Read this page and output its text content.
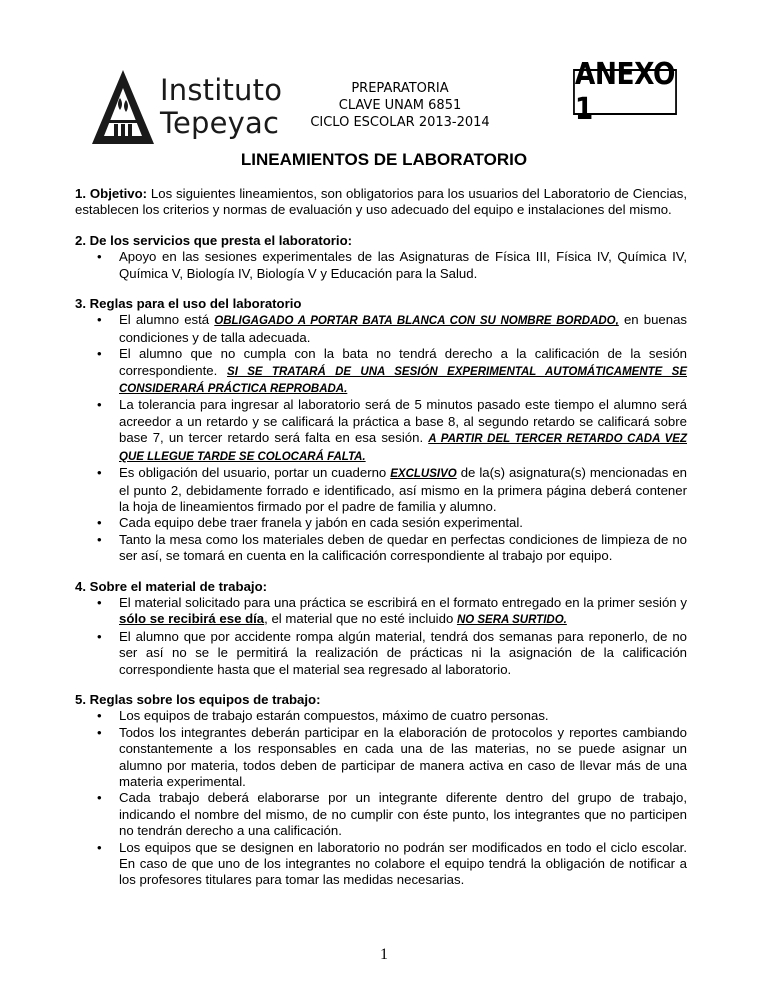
Instituto
Tepeyac
PREPARATORIA
CLAVE UNAM 6851
CICLO ESCOLAR 2013-2014
ANEXO 1
LINEAMIENTOS DE LABORATORIO

1. Objetivo: Los siguientes lineamientos, son obligatorios para los usuarios del Laboratorio de Ciencias, establecen los criterios y normas de evaluación y uso adecuado del equipo e instalaciones del mismo.

2. De los servicios que presta el laboratorio:
• Apoyo en las sesiones experimentales de las Asignaturas de Física III, Física IV, Química IV, Química V, Biología IV, Biología V y Educación para la Salud.
3. Reglas para el uso del laboratorio
• El alumno está OBLIGAGADO A PORTAR BATA BLANCA CON SU NOMBRE BORDADO, en buenas condiciones y de talla adecuada.
• El alumno que no cumpla con la bata no tendrá derecho a la calificación de la sesión correspondiente. SI SE TRATARÁ DE UNA SESIÓN EXPERIMENTAL AUTOMÁTICAMENTE SE CONSIDERARÁ PRÁCTICA REPROBADA.
• La tolerancia para ingresar al laboratorio será de 5 minutos pasado este tiempo el alumno será acreedor a un retardo y se calificará la práctica a base 8, al segundo retardo se calificará sobre base 7, un tercer retardo será falta en esa sesión. A PARTIR DEL TERCER RETARDO CADA VEZ QUE LLEGUE TARDE SE COLOCARÁ FALTA.
• Es obligación del usuario, portar un cuaderno EXCLUSIVO de la(s) asignatura(s) mencionadas en el punto 2, debidamente forrado e identificado, así mismo en la primera página deberá contener la hoja de lineamientos firmado por el padre de familia y alumno.
• Cada equipo debe traer franela y jabón en cada sesión experimental.
• Tanto la mesa como los materiales deben de quedar en perfectas condiciones de limpieza de no ser así, se tomará en cuenta en la calificación correspondiente al trabajo por equipo.
4. Sobre el material de trabajo:
• El material solicitado para una práctica se escribirá en el formato entregado en la primer sesión y sólo se recibirá ese día, el material que no esté incluido NO SERA SURTIDO.
• El alumno que por accidente rompa algún material, tendrá dos semanas para reponerlo, de no ser así no se le permitirá la realización de prácticas ni la asignación de la calificación correspondiente hasta que el material sea regresado al laboratorio.
5. Reglas sobre los equipos de trabajo:
• Los equipos de trabajo estarán compuestos, máximo de cuatro personas.
• Todos los integrantes deberán participar en la elaboración de protocolos y reportes cambiando constantemente a los responsables en cada una de las materias, no se puede asignar un alumno por materia, todos deben de participar de manera activa en caso de llevar más de una materia experimental.
• Cada trabajo deberá elaborarse por un integrante diferente dentro del grupo de trabajo, indicando el nombre del mismo, de no cumplir con éste punto, los integrantes que no participen no tendrán derecho a una calificación.
• Los equipos que se designen en laboratorio no podrán ser modificados en todo el ciclo escolar. En caso de que uno de los integrantes no colabore el equipo tendrá la obligación de notificar a los profesores titulares para tomar las medidas necesarias.
1
